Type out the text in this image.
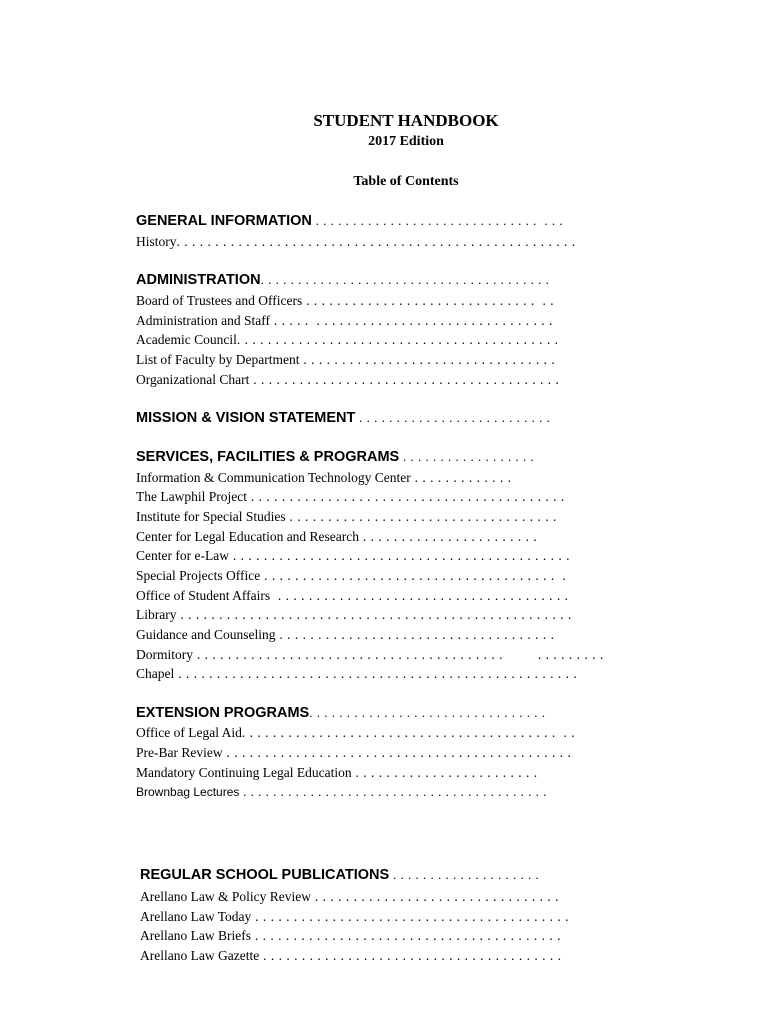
STUDENT HANDBOOK
2017 Edition
Table of Contents
GENERAL INFORMATION . . . . . . . . . . . . . . . . . . . . . . . . . . . . . .  . . .
History. . . . . . . . . . . . . . . . . . . . . . . . . . . . . . . . . . . . . . . . . . . . . . . . . . . .
ADMINISTRATION. . . . . . . . . . . . . . . . . . . . . . . . . . . . . . . . . . . . . . .
Board of Trustees and Officers . . . . . . . . . . . . . . . . . . . . . . . . . . . . . .  . .
Administration and Staff . . . . .  . . . . . . . . . . . . . . . . . . . . . . . . . . . . . . .
Academic Council. . . . . . . . . . . . . . . . . . . . . . . . . . . . . . . . . . . . . . . . . .
List of Faculty by Department . . . . . . . . . . . . . . . . . . . . . . . . . . . . . . . . .
Organizational Chart . . . . . . . . . . . . . . . . . . . . . . . . . . . . . . . . . . . . . . . .
MISSION & VISION STATEMENT . . . . . . . . . . . . . . . . . . . . . . . . . .
SERVICES, FACILITIES & PROGRAMS . . . . . . . . . . . . . . . . . .
Information & Communication Technology Center . . . . . . . . . . . . .
The Lawphil Project . . . . . . . . . . . . . . . . . . . . . . . . . . . . . . . . . . . . . . . . .
Institute for Special Studies . . . . . . . . . . . . . . . . . . . . . . . . . . . . . . . . . . .
Center for Legal Education and Research . . . . . . . . . . . . . . . . . . . . . . .
Center for e-Law . . . . . . . . . . . . . . . . . . . . . . . . . . . . . . . . . . . . . . . . . . . .
Special Projects Office . . . . . . . . . . . . . . . . . . . . . . . . . . . . . . . . . . . . . .  .
Office of Student Affairs  . . . . . . . . . . . . . . . . . . . . . . . . . . . . . . . . . . . . . .
Library . . . . . . . . . . . . . . . . . . . . . . . . . . . . . . . . . . . . . . . . . . . . . . . . . . .
Guidance and Counseling . . . . . . . . . . . . . . . . . . . . . . . . . . . . . . . . . . . .
Dormitory . . . . . . . . . . . . . . . . . . . . . . . . . . . . . . . . . . . . . . . .         . . . . . . . . .
Chapel . . . . . . . . . . . . . . . . . . . . . . . . . . . . . . . . . . . . . . . . . . . . . . . . . . . .
EXTENSION PROGRAMS. . . . . . . . . . . . . . . . . . . . . . . . . . . . . . . .
Office of Legal Aid. . . . . . . . . . . . . . . . . . . . . . . . . . . . . . . . . . . . . . . . .  . .
Pre-Bar Review . . . . . . . . . . . . . . . . . . . . . . . . . . . . . . . . . . . . . . . . . . . . .
Mandatory Continuing Legal Education . . . . . . . . . . . . . . . . . . . . . . . .
Brownbag Lectures . . . . . . . . . . . . . . . . . . . . . . . . . . . . . . . . . . . . . . . . .
REGULAR SCHOOL PUBLICATIONS . . . . . . . . . . . . . . . . . . . .
Arellano Law & Policy Review . . . . . . . . . . . . . . . . . . . . . . . . . . . . . . . .
Arellano Law Today . . . . . . . . . . . . . . . . . . . . . . . . . . . . . . . . . . . . . . . . .
Arellano Law Briefs . . . . . . . . . . . . . . . . . . . . . . . . . . . . . . . . . . . . . . . .
Arellano Law Gazette . . . . . . . . . . . . . . . . . . . . . . . . . . . . . . . . . . . . . . .
